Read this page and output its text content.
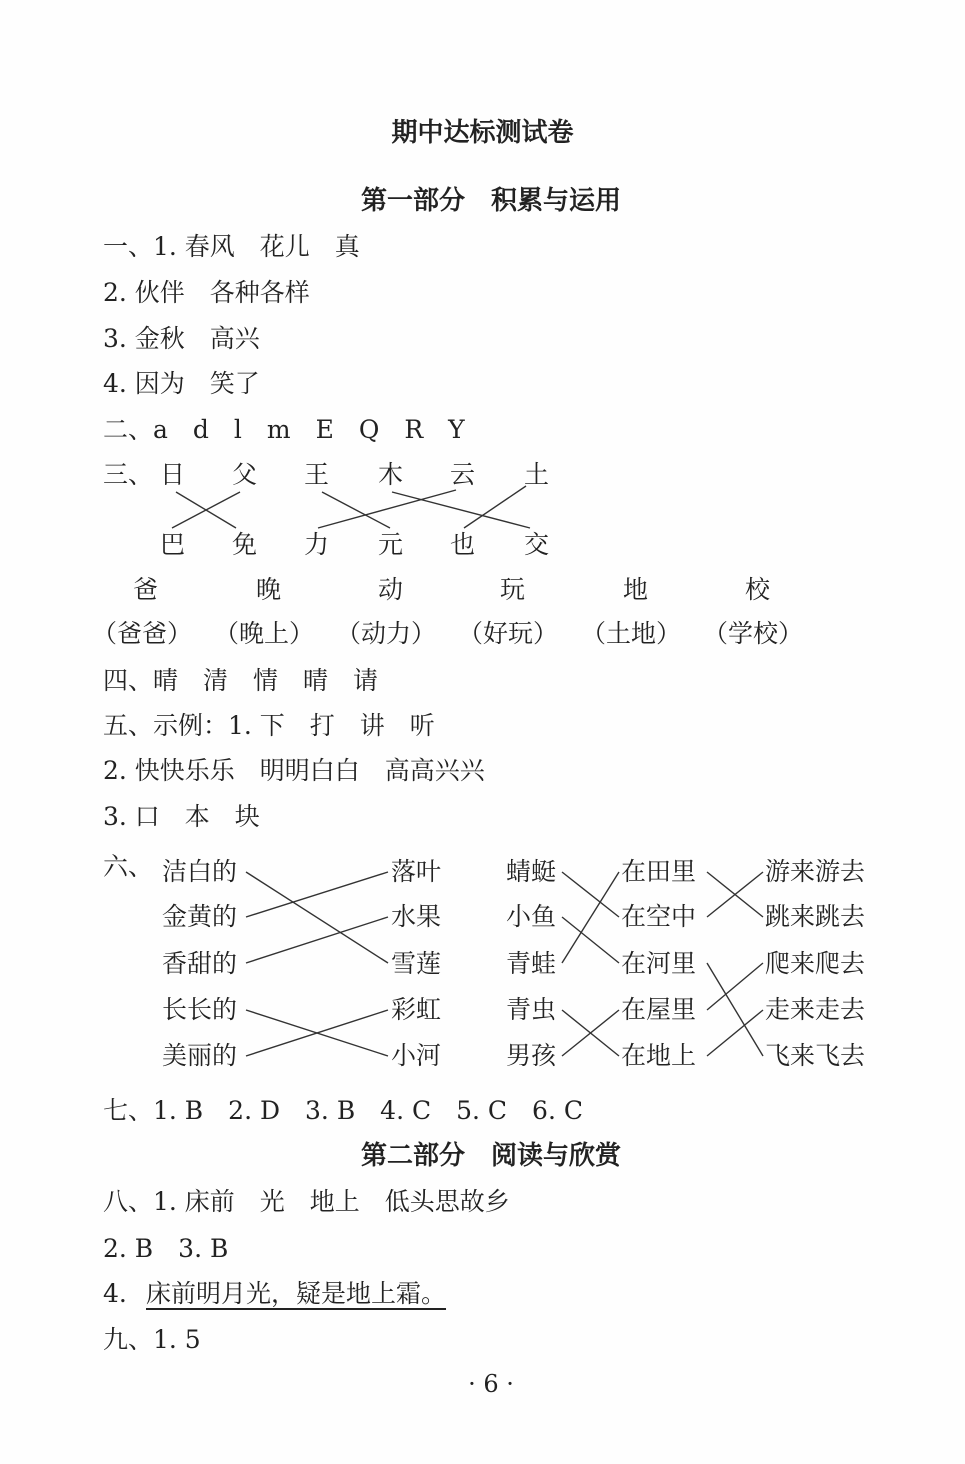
期中达标测试卷
第一部分　积累与运用
一、1. 春风　花儿　真
2. 伙伴　各种各样
3. 金秋　高兴
4. 因为　笑了
二、a　d　l　m　E　Q　R　Y
三、 日 父 王 木 云 土
巴 免 力 元 也 交
爸	晚	动	玩	地	校
（爸爸） （晚上） （动力） （好玩） （土地） （学校）
四、晴　清　情　晴　请
五、示例：1. 下　打　讲　听
2. 快快乐乐　明明白白　高高兴兴
3. 口　本　块
六、 洁白的
金黄的
香甜的
长长的
美丽的
落叶
水果
雪莲
彩虹
小河
蜻蜓
小鱼
青蛙
青虫
男孩
在田里
在空中
在河里
在屋里
在地上
游来游去
跳来跳去
爬来爬去
走来走去
飞来飞去
七、1. B　2. D　3. B　4. C　5. C　6. C
第二部分　阅读与欣赏
八、1. 床前　光　地上　低头思故乡
2. B　3. B
4. 床前明月光，疑是地上霜。
九、1. 5
· 6 ·
